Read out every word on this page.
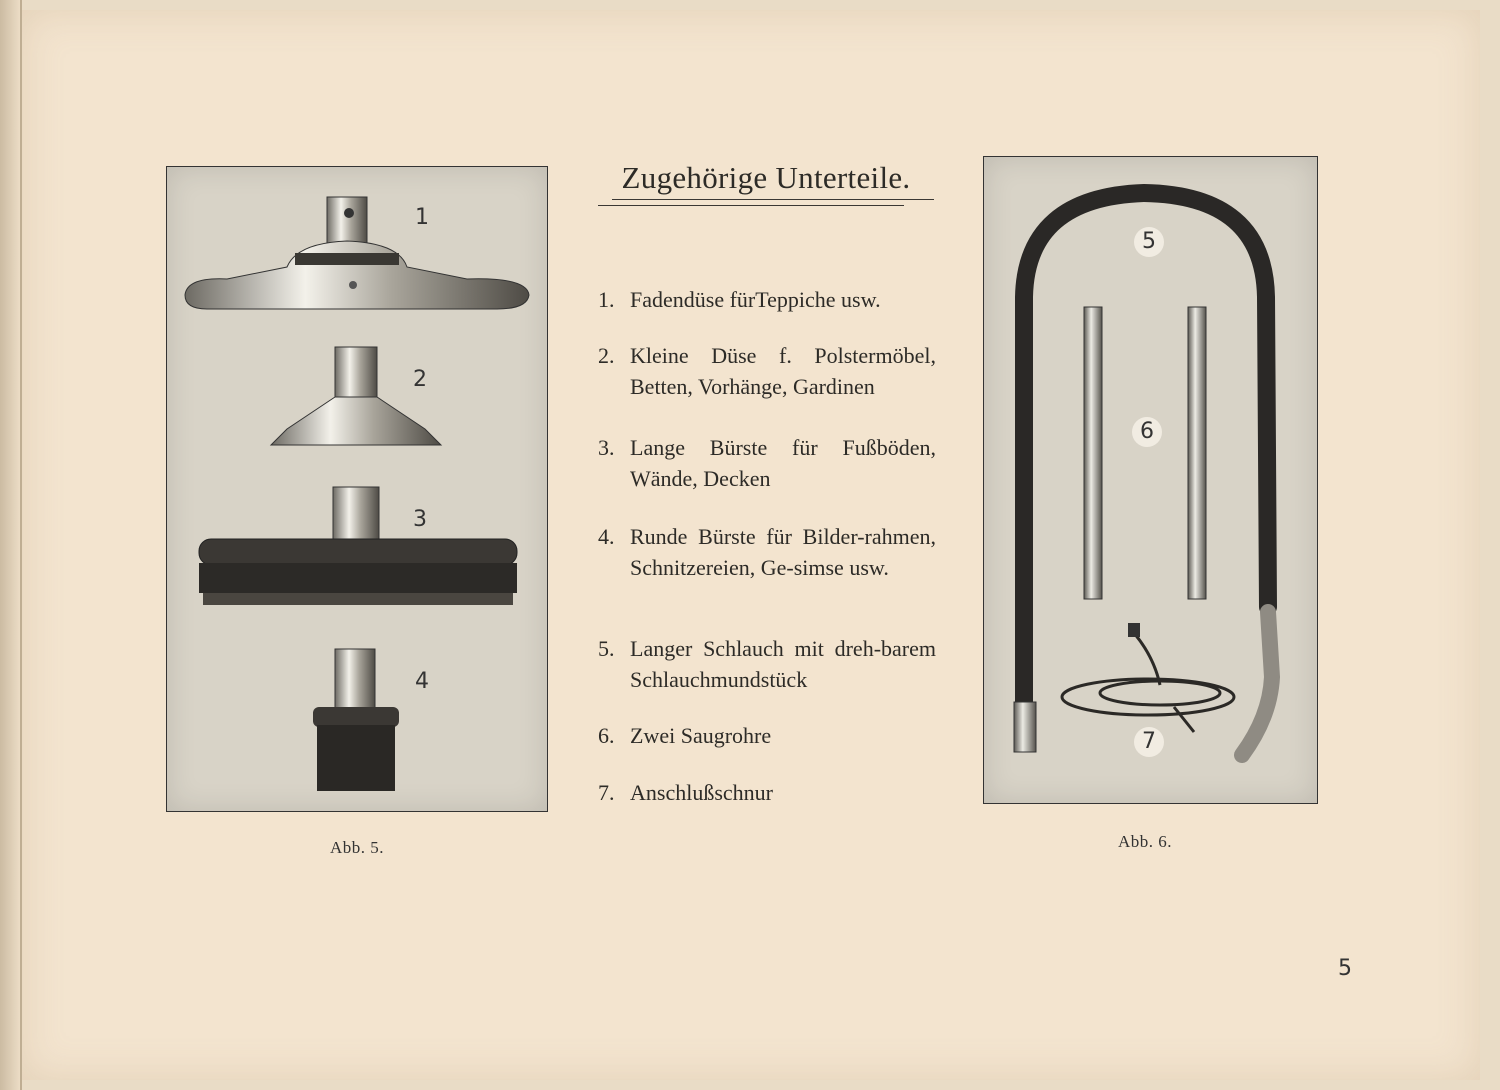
1
2
3
4
Abb. 5.
Zugehörige Unterteile.
1. Fadendüse fürTeppiche usw.
2. Kleine Düse f. Polstermöbel, Betten, Vorhänge, Gardinen
3. Lange Bürste für Fußböden, Wände, Decken
4. Runde Bürste für Bilder-rahmen, Schnitzereien, Ge-simse usw.
5. Langer Schlauch mit dreh-barem Schlauchmundstück
6. Zwei Saugrohre
7. Anschlußschnur
5
6
7
Abb. 6.
5
